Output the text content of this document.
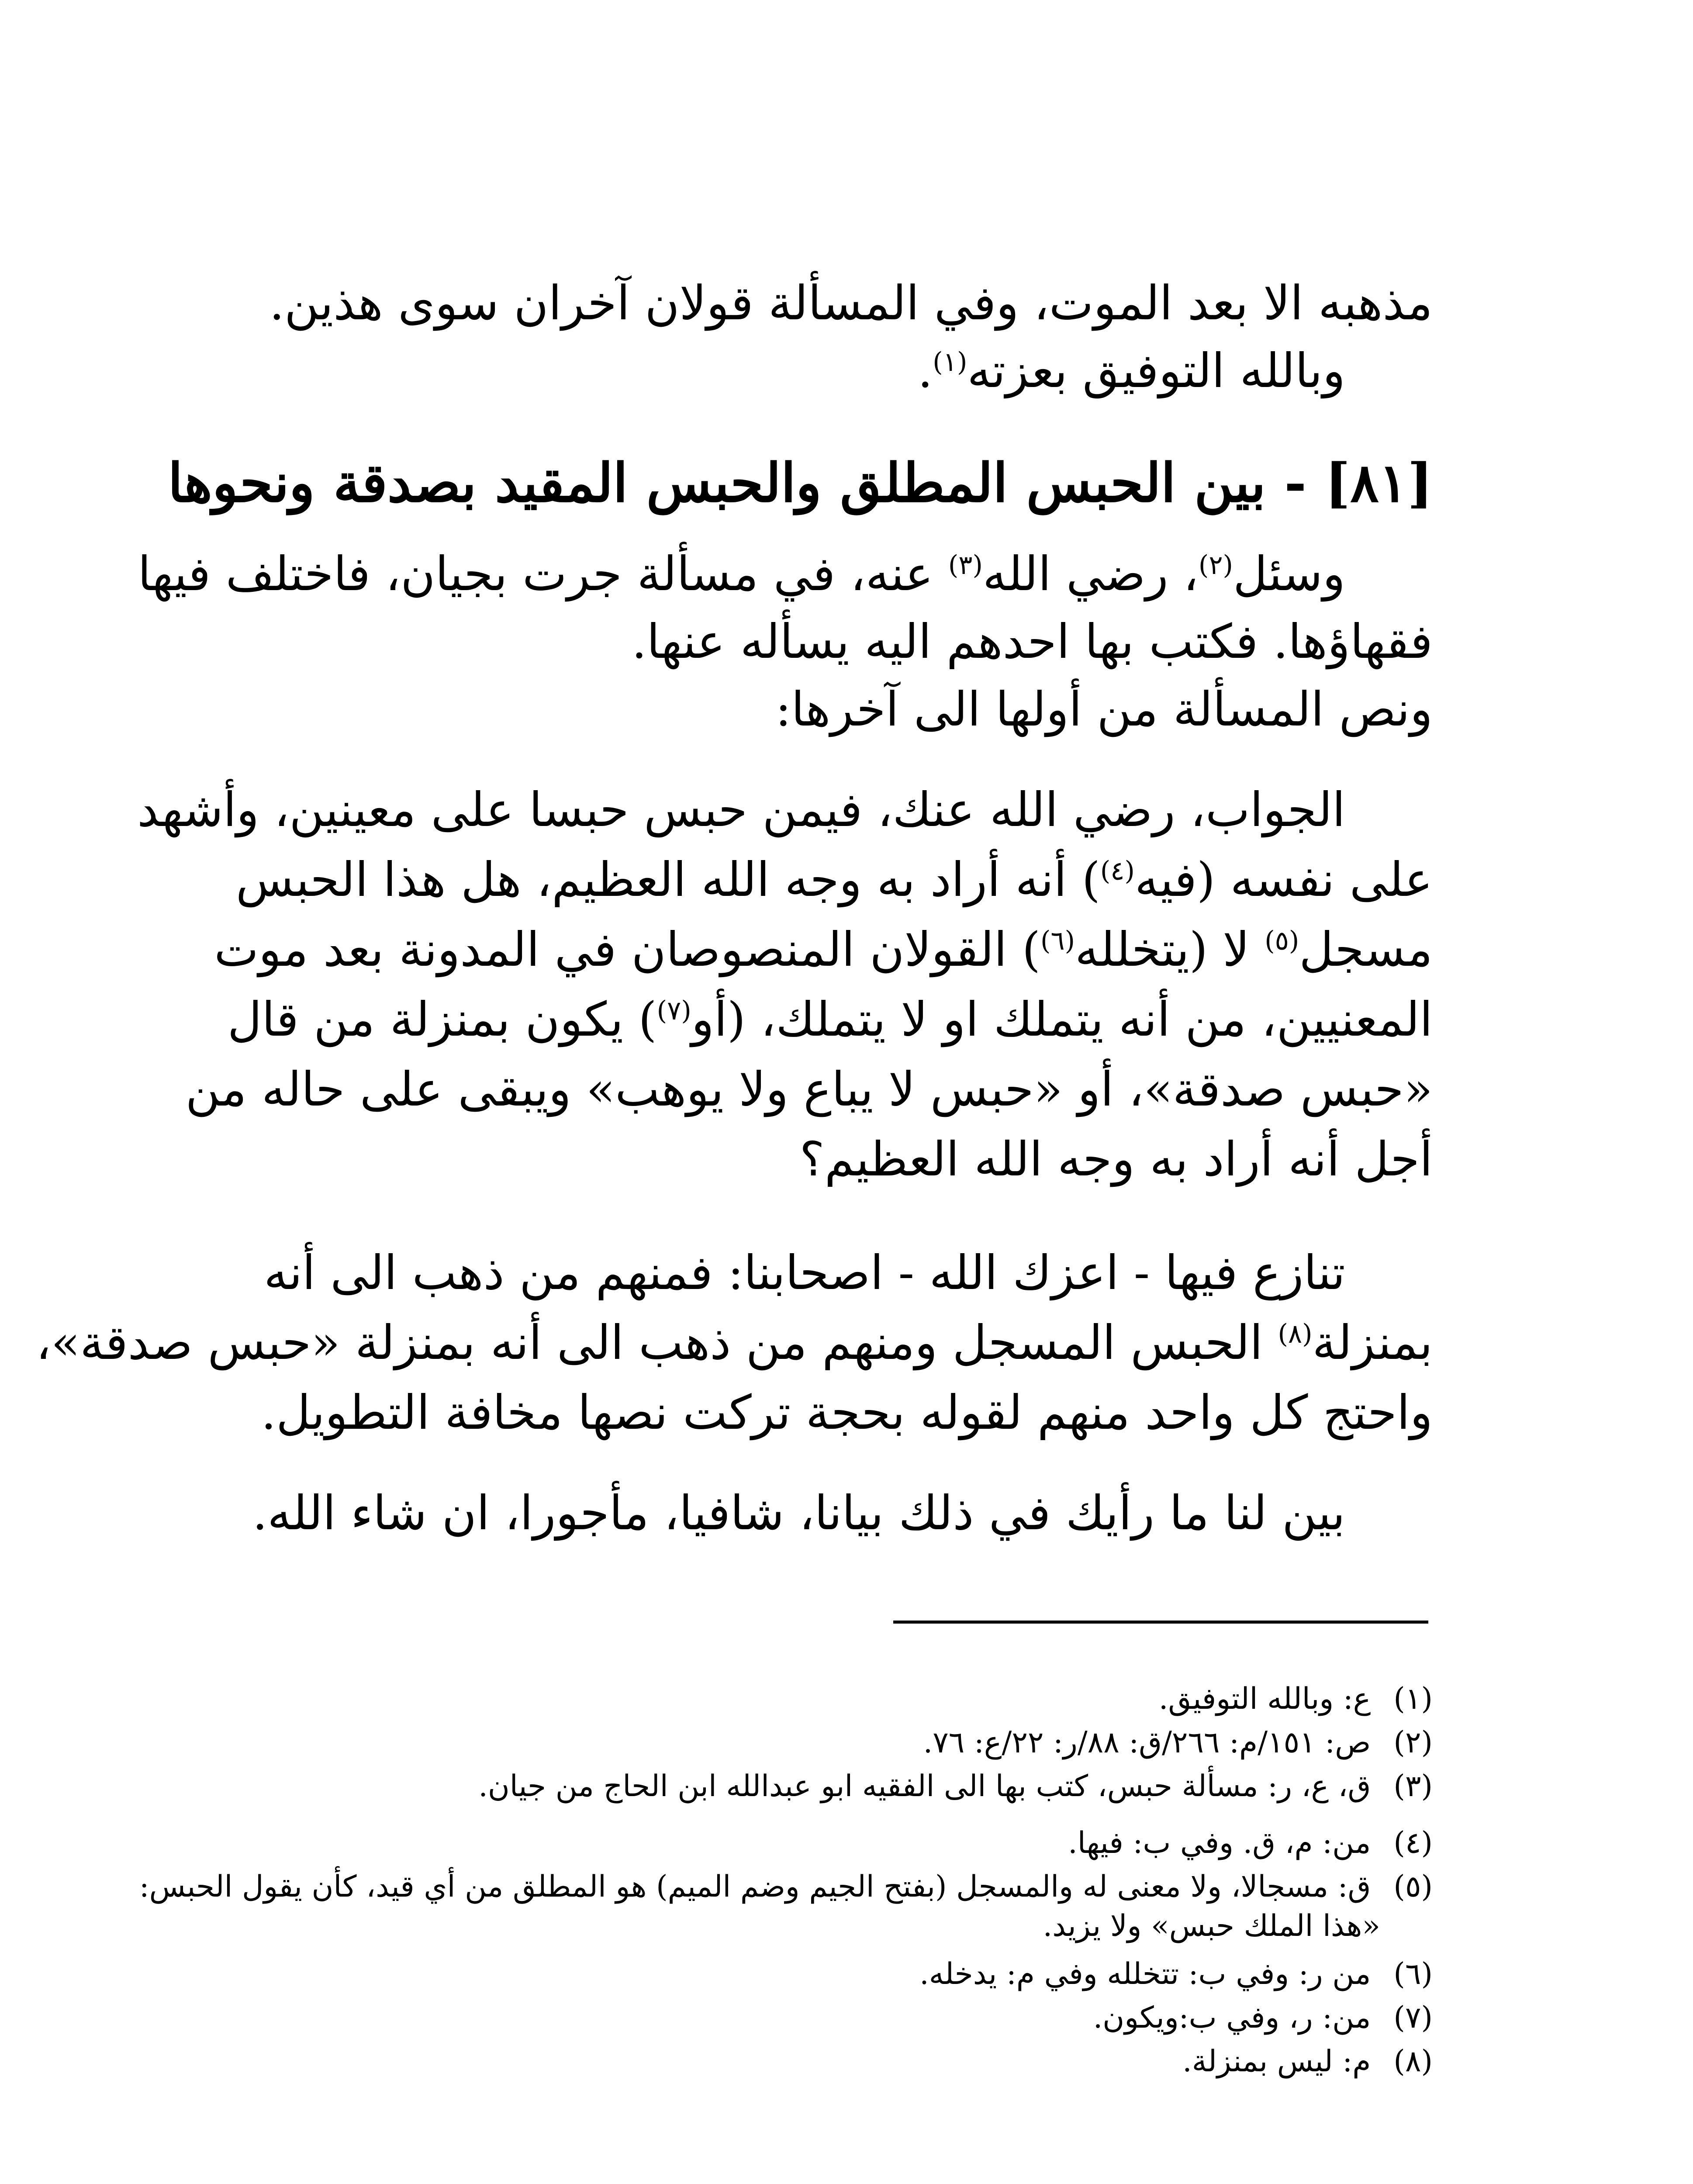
مذهبه الا بعد الموت، وفي المسألة قولان آخران سوى هذين.
وبالله التوفيق بعزته$^{(١)}$.
[٨١] - بين الحبس المطلق والحبس المقيد بصدقة ونحوها
وسئل$^{(٢)}$، رضي الله$^{(٣)}$ عنه، في مسألة جرت بجيان، فاختلف فيها
فقهاؤها. فكتب بها احدهم اليه يسأله عنها.
ونص المسألة من أولها الى آخرها:
الجواب، رضي الله عنك، فيمن حبس حبسا على معينين، وأشهد
على نفسه (فيه$^{(٤)}$) أنه أراد به وجه الله العظيم، هل هذا الحبس
مسجل$^{(٥)}$ لا (يتخلله$^{(٦)}$) القولان المنصوصان في المدونة بعد موت
المعنيين، من أنه يتملك او لا يتملك، (أو$^{(٧)}$) يكون بمنزلة من قال
«حبس صدقة»، أو «حبس لا يباع ولا يوهب» ويبقى على حاله من
أجل أنه أراد به وجه الله العظيم؟
تنازع فيها - اعزك الله - اصحابنا: فمنهم من ذهب الى أنه
بمنزلة$^{(٨)}$ الحبس المسجل ومنهم من ذهب الى أنه بمنزلة «حبس صدقة»،
واحتج كل واحد منهم لقوله بحجة تركت نصها مخافة التطويل.
بين لنا ما رأيك في ذلك بيانا، شافيا، مأجورا، ان شاء الله.
(١) ع: وبالله التوفيق.
(٢) ص: ١٥١/م: ٢٦٦/ق: ٨٨/ر: ٢٢/ع: ٧٦.
(٣) ق، ع، ر: مسألة حبس، كتب بها الى الفقيه ابو عبدالله ابن الحاج من جيان.
(٤) من: م، ق. وفي ب: فيها.
(٥) ق: مسجالا، ولا معنى له والمسجل (بفتح الجيم وضم الميم) هو المطلق من أي قيد، كأن يقول الحبس:
«هذا الملك حبس» ولا يزيد.
(٦) من ر: وفي ب: تتخلله وفي م: يدخله.
(٧) من: ر، وفي ب:ويكون.
(٨) م: ليس بمنزلة.
